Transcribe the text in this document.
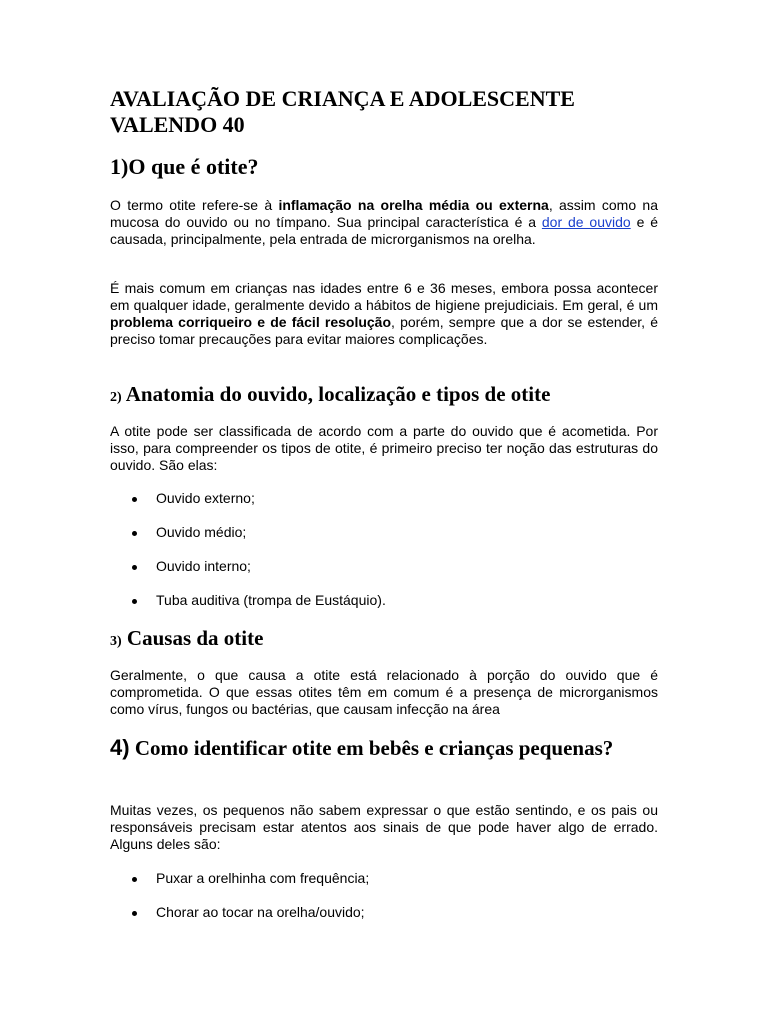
AVALIAÇÃO DE CRIANÇA E ADOLESCENTE VALENDO 40
1)O que é otite?

O termo otite refere-se à inflamação na orelha média ou externa, assim como na mucosa do ouvido ou no tímpano. Sua principal característica é a dor de ouvido e é causada, principalmente, pela entrada de microrganismos na orelha.

É mais comum em crianças nas idades entre 6 e 36 meses, embora possa acontecer em qualquer idade, geralmente devido a hábitos de higiene prejudiciais. Em geral, é um problema corriqueiro e de fácil resolução, porém, sempre que a dor se estender, é preciso tomar precauções para evitar maiores complicações.

2) Anatomia do ouvido, localização e tipos de otite

A otite pode ser classificada de acordo com a parte do ouvido que é acometida. Por isso, para compreender os tipos de otite, é primeiro preciso ter noção das estruturas do ouvido. São elas:

Ouvido externo;
Ouvido médio;
Ouvido interno;
Tuba auditiva (trompa de Eustáquio).
3) Causas da otite

Geralmente, o que causa a otite está relacionado à porção do ouvido que é comprometida. O que essas otites têm em comum é a presença de microrganismos como vírus, fungos ou bactérias, que causam infecção na área

4) Como identificar otite em bebês e crianças pequenas?

Muitas vezes, os pequenos não sabem expressar o que estão sentindo, e os pais ou responsáveis precisam estar atentos aos sinais de que pode haver algo de errado. Alguns deles são:

Puxar a orelhinha com frequência;
Chorar ao tocar na orelha/ouvido;
